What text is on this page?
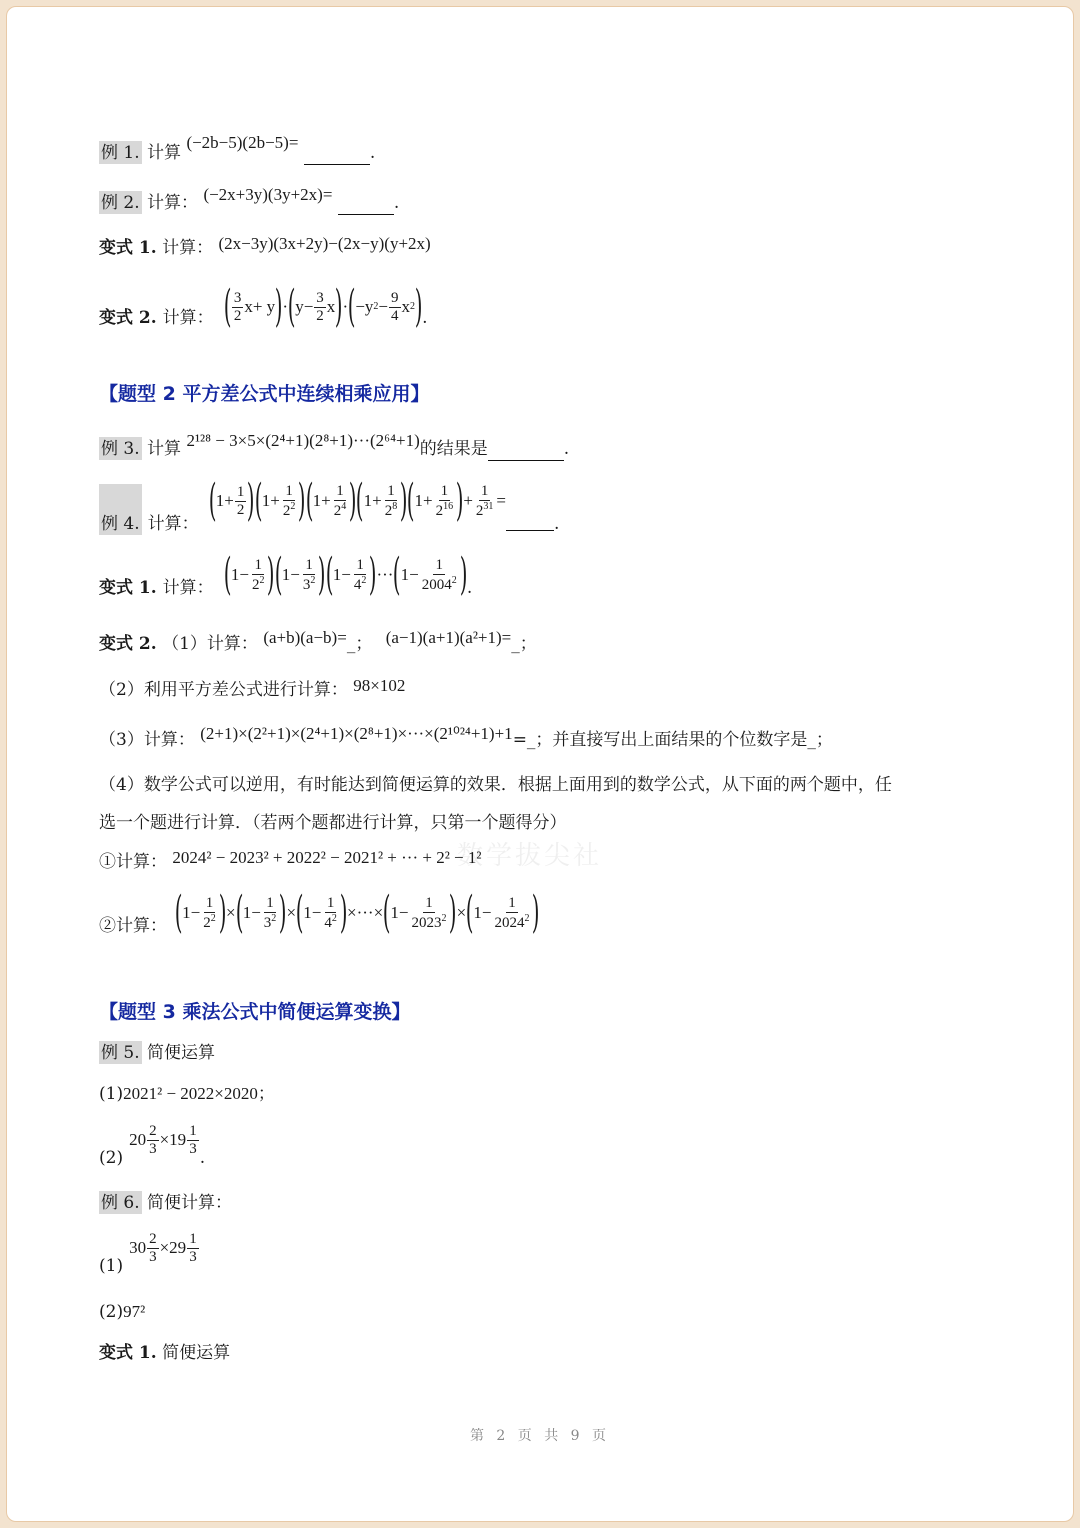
例 1. 计算 (−2b−5)(2b−5)=  .
例 2. 计算： (−2x+3y)(3y+2x)=	.
变式 1. 计算： (2x−3y)(3x+2y)−(2x−y)(y+2x)
变式 2. 计算： ( 3
2 x+ y ) · ( y− 3
2 x ) · ( −y 2 − 9
4 x 2 ) .
【题型 2 平方差公式中连续相乘应用】
例 3. 计算 2¹²⁸ − 3×5×(2⁴+1)(2⁸+1)···(2⁶⁴+1)的结果是	.
例 4. 计算： ( 1+ 1
2 ) ( 1+
1
$2^2$ ) ( 1+
1
$2^4$ ) ( 1+
1
$2^8$ ) ( 1+
1
$2^{16}$ ) +
1
$2^{31}$ =

.
变式 1. 计算： ( 1−
1
$2^2$ ) ( 1−
1
$3^2$ ) ( 1−
1
$4^2$ ) ··· ( 1−
1
2004$^2$ ) .
变式 2. （1）计算： (a+b)(a−b)=_； (a−1)(a+1)(a²+1)=_；
（2）利用平方差公式进行计算： 98×102
（3）计算： (2+1)×(2²+1)×(2⁴+1)×(2⁸+1)×···×(2¹⁰²⁴+1)+1=_；并直接写出上面结果的个位数字是_；
（4）数学公式可以逆用，有时能达到简便运算的效果．根据上面用到的数学公式，从下面的两个题中，任
选一个题进行计算．（若两个题都进行计算，只第一个题得分）
数学拔尖社
①计算： 2024² − 2023² + 2022² − 2021² + ··· + 2² − 1²
②计算： ( 1−
1
$2^2$ ) × ( 1−
1
$3^2$ ) × ( 1−
1
$4^2$ ) ×···× ( 1−
1
2023$^2$ ) × ( 1−
1
2024$^2$ )
【题型 3 乘法公式中简便运算变换】
例 5. 简便运算
(1)2021² − 2022×2020；
(2)
20 2
3 ×19 1
3 .
例 6. 简便计算：
(1)
30 2
3 ×29 1
3
(2)97²
变式 1. 简便运算
第 2 页 共 9 页
